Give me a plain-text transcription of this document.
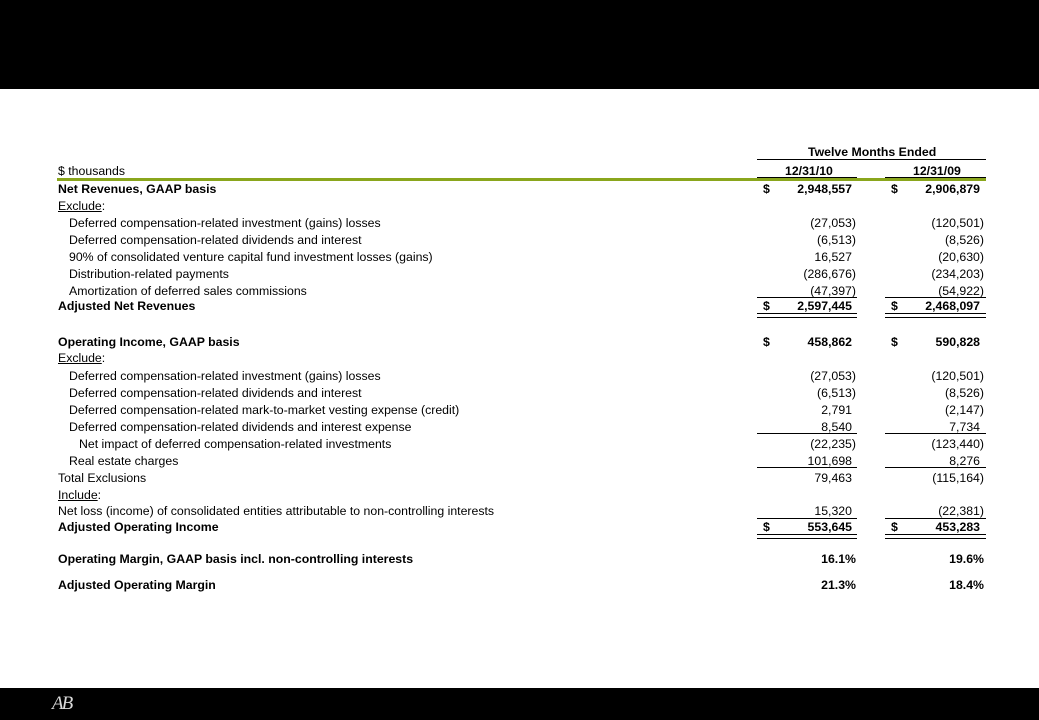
Twelve Months Ended
$ thousands	12/31/10	12/31/09
Net Revenues, GAAP basis	$	2,948,557	$	2,906,879
Exclude:
Deferred compensation-related investment (gains) losses	(27,053)	(120,501)
Deferred compensation-related dividends and interest	(6,513)	(8,526)
90% of consolidated venture capital fund investment losses (gains)	16,527	(20,630)
Distribution-related payments	(286,676)	(234,203)
Amortization of deferred sales commissions	(47,397)	(54,922)
Adjusted Net Revenues	$	2,597,445	$	2,468,097
Operating Income, GAAP basis	$	458,862	$	590,828
Exclude:
Deferred compensation-related investment (gains) losses	(27,053)	(120,501)
Deferred compensation-related dividends and interest	(6,513)	(8,526)
Deferred compensation-related mark-to-market vesting expense (credit)	2,791	(2,147)
Deferred compensation-related dividends and interest expense	8,540	7,734
Net impact of deferred compensation-related investments	(22,235)	(123,440)
Real estate charges	101,698	8,276
Total Exclusions	79,463	(115,164)
Include:
Net loss (income) of consolidated entities attributable to non-controlling interests	15,320	(22,381)
Adjusted Operating Income	$	553,645	$	453,283
Operating Margin, GAAP basis incl. non-controlling interests	16.1%	19.6%
Adjusted Operating Margin	21.3%	18.4%
AB
